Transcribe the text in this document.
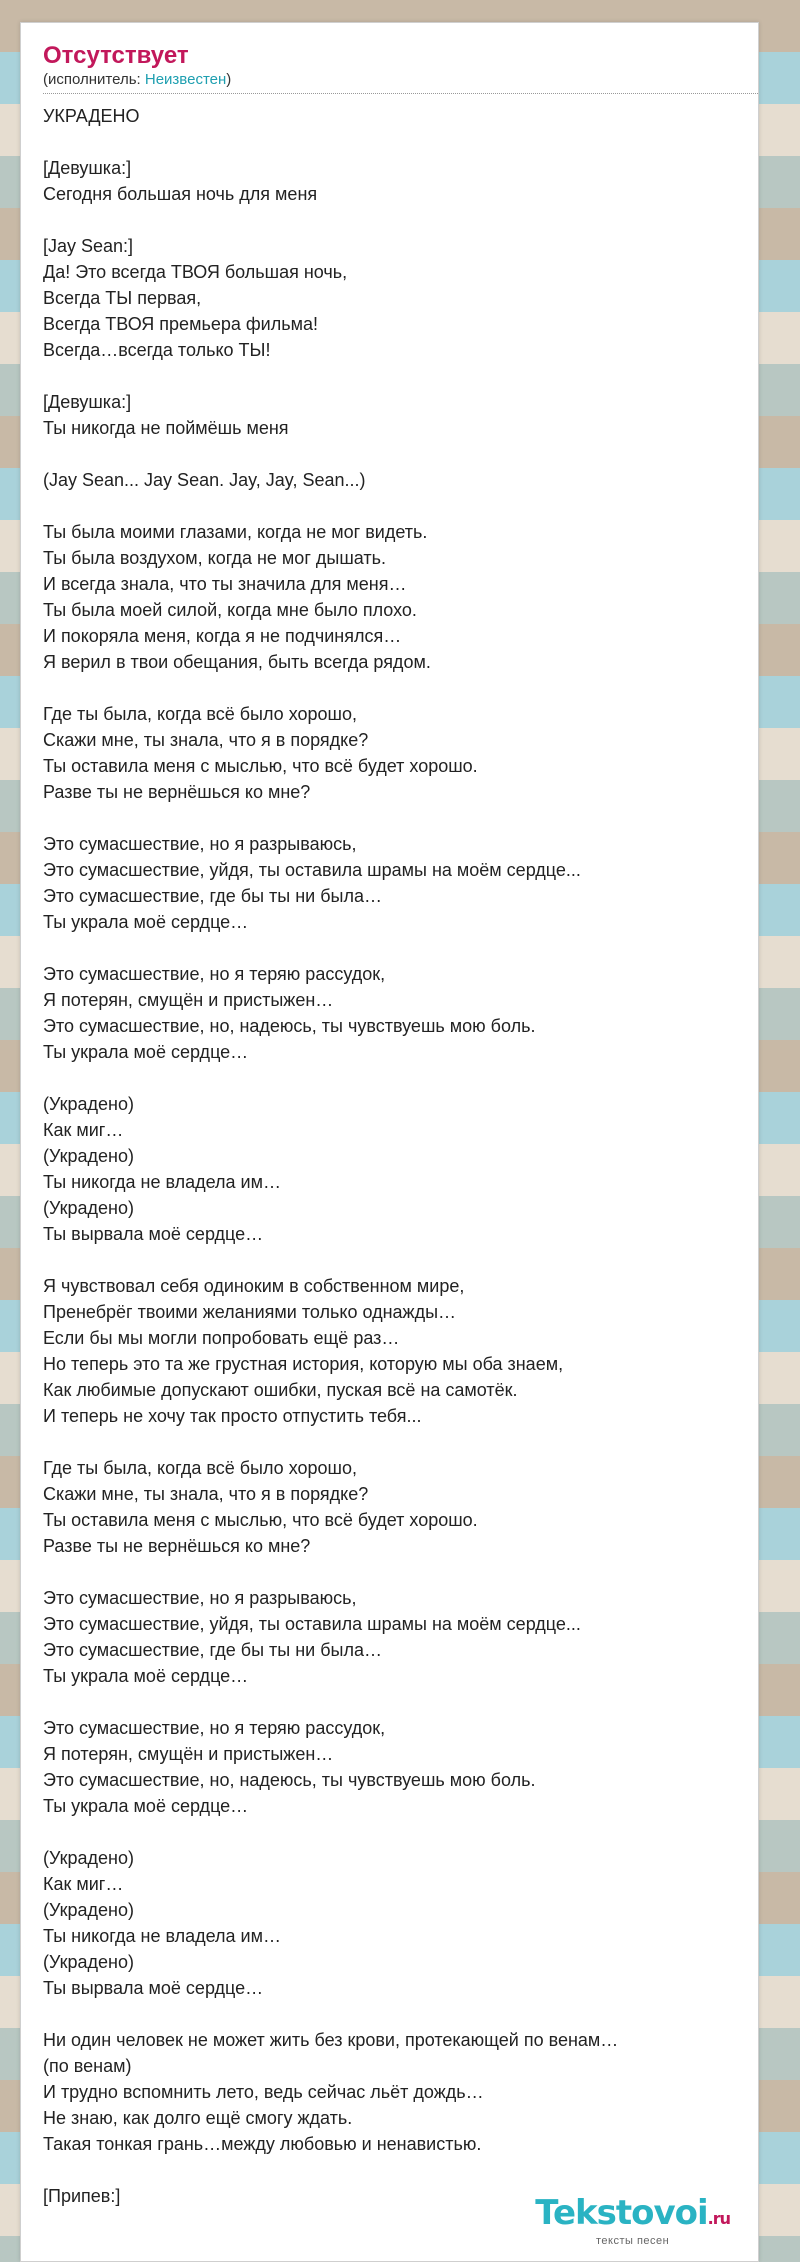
Отсутствует
(исполнитель: Неизвестен)
УКРАДЕНО
[Девушка:]
Сегодня большая ночь для меня
[Jay Sean:]
Да! Это всегда ТВОЯ большая ночь,
Всегда ТЫ первая,
Всегда ТВОЯ премьера фильма!
Всегда…всегда только ТЫ!
[Девушка:]
Ты никогда не поймёшь меня
(Jay Sean... Jay Sean. Jay, Jay, Sean...)
Ты была моими глазами, когда не мог видеть.
Ты была воздухом, когда не мог дышать.
И всегда знала, что ты значила для меня…
Ты была моей силой, когда мне было плохо.
И покоряла меня, когда я не подчинялся…
Я верил в твои обещания, быть всегда рядом.
Где ты была, когда всё было хорошо,
Скажи мне, ты знала, что я в порядке?
Ты оставила меня с мыслью, что всё будет хорошо.
Разве ты не вернёшься ко мне?
Это сумасшествие, но я разрываюсь,
Это сумасшествие, уйдя, ты оставила шрамы на моём сердце...
Это сумасшествие, где бы ты ни была…
Ты украла моё сердце…
Это сумасшествие, но я теряю рассудок,
Я потерян, смущён и пристыжен…
Это сумасшествие, но, надеюсь, ты чувствуешь мою боль.
Ты украла моё сердце…
(Украдено)
Как миг…
(Украдено)
Ты никогда не владела им…
(Украдено)
Ты вырвала моё сердце…
Я чувствовал себя одиноким в собственном мире,
Пренебрёг твоими желаниями только однажды…
Если бы мы могли попробовать ещё раз…
Но теперь это та же грустная история, которую мы оба знаем,
Как любимые допускают ошибки, пуская всё на самотёк.
И теперь не хочу так просто отпустить тебя...
Где ты была, когда всё было хорошо,
Скажи мне, ты знала, что я в порядке?
Ты оставила меня с мыслью, что всё будет хорошо.
Разве ты не вернёшься ко мне?
Это сумасшествие, но я разрываюсь,
Это сумасшествие, уйдя, ты оставила шрамы на моём сердце...
Это сумасшествие, где бы ты ни была…
Ты украла моё сердце…
Это сумасшествие, но я теряю рассудок,
Я потерян, смущён и пристыжен…
Это сумасшествие, но, надеюсь, ты чувствуешь мою боль.
Ты украла моё сердце…
(Украдено)
Как миг…
(Украдено)
Ты никогда не владела им…
(Украдено)
Ты вырвала моё сердце…
Ни один человек не может жить без крови, протекающей по венам…
(по венам)
И трудно вспомнить лето, ведь сейчас льёт дождь…
Не знаю, как долго ещё смогу ждать.
Такая тонкая грань…между любовью и ненавистью.
[Припев:]	Tekstovoi.ru
тексты песен
